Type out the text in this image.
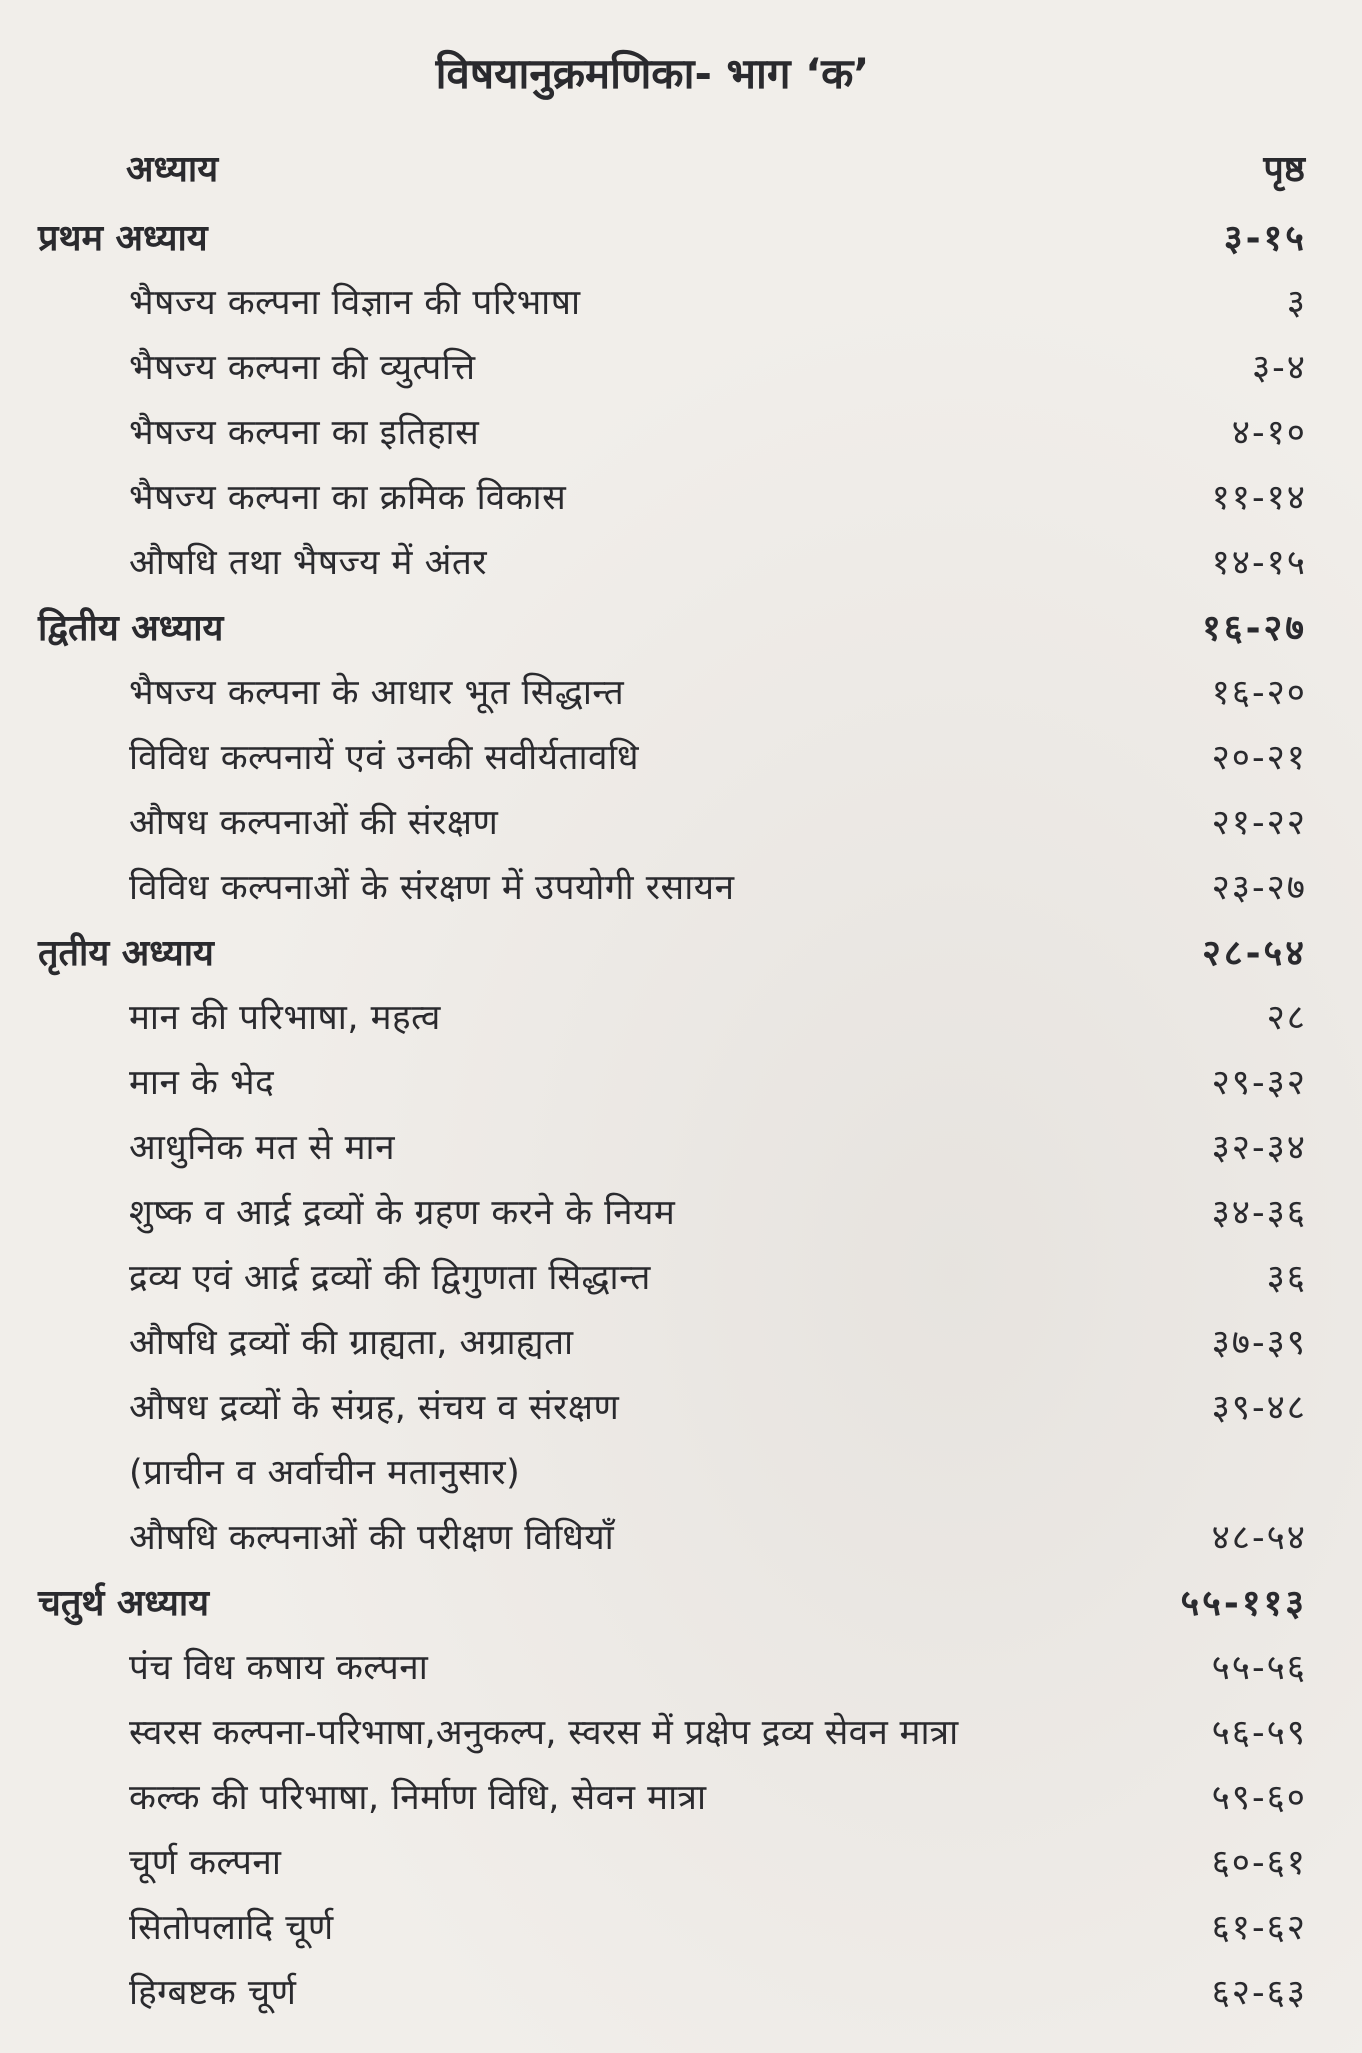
विषयानुक्रमणिका- भाग ‘क’
अध्याय	पृष्ठ
प्रथम अध्याय	३-१५
भैषज्य कल्पना विज्ञान की परिभाषा	३
भैषज्य कल्पना की व्युत्पत्ति	३-४
भैषज्य कल्पना का इतिहास	४-१०
भैषज्य कल्पना का क्रमिक विकास	११-१४
औषधि तथा भैषज्य में अंतर	१४-१५
द्वितीय अध्याय	१६-२७
भैषज्य कल्पना के आधार भूत सिद्धान्त	१६-२०
विविध कल्पनायें एवं उनकी सवीर्यतावधि	२०-२१
औषध कल्पनाओं की संरक्षण	२१-२२
विविध कल्पनाओं के संरक्षण में उपयोगी रसायन	२३-२७
तृतीय अध्याय	२८-५४
मान की परिभाषा, महत्व	२८
मान के भेद	२९-३२
आधुनिक मत से मान	३२-३४
शुष्क व आर्द्र द्रव्यों के ग्रहण करने के नियम	३४-३६
द्रव्य एवं आर्द्र द्रव्यों की द्विगुणता सिद्धान्त	३६
औषधि द्रव्यों की ग्राह्यता, अग्राह्यता	३७-३९
औषध द्रव्यों के संग्रह, संचय व संरक्षण	३९-४८
(प्राचीन व अर्वाचीन मतानुसार)
औषधि कल्पनाओं की परीक्षण विधियाँ	४८-५४
चतुर्थ अध्याय	५५-११३
पंच विध कषाय कल्पना	५५-५६
स्वरस कल्पना-परिभाषा,अनुकल्प, स्वरस में प्रक्षेप द्रव्य सेवन मात्रा	५६-५९
कल्क की परिभाषा, निर्माण विधि, सेवन मात्रा	५९-६०
चूर्ण कल्पना	६०-६१
सितोपलादि चूर्ण	६१-६२
हिग्बष्टक चूर्ण	६२-६३
